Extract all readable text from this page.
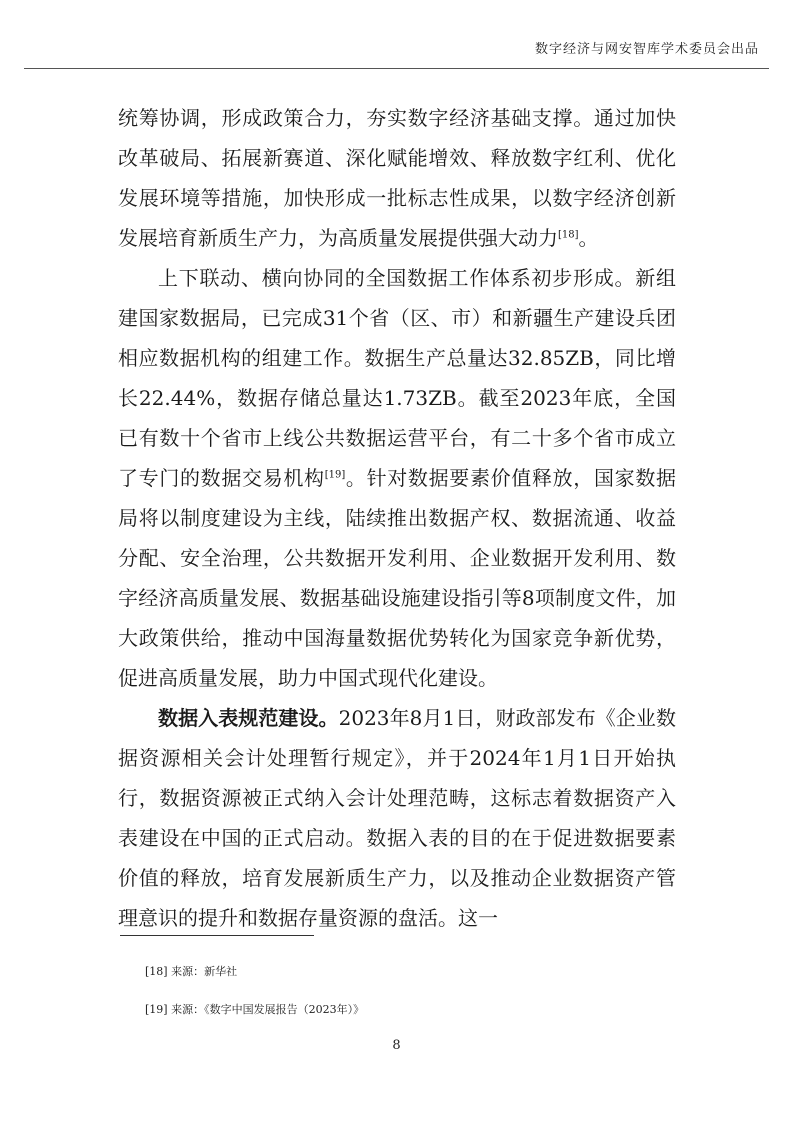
数字经济与网安智库学术委员会出品

统筹协调，形成政策合力，夯实数字经济基础支撑。通过加快改革破局、拓展新赛道、深化赋能增效、释放数字红利、优化发展环境等措施，加快形成一批标志性成果，以数字经济创新发展培育新质生产力，为高质量发展提供强大动力[18]。

上下联动、横向协同的全国数据工作体系初步形成。新组建国家数据局，已完成31个省（区、市）和新疆生产建设兵团相应数据机构的组建工作。数据生产总量达32.85ZB，同比增长22.44%，数据存储总量达1.73ZB。截至2023年底，全国已有数十个省市上线公共数据运营平台，有二十多个省市成立了专门的数据交易机构[19]。针对数据要素价值释放，国家数据局将以制度建设为主线，陆续推出数据产权、数据流通、收益分配、安全治理，公共数据开发利用、企业数据开发利用、数字经济高质量发展、数据基础设施建设指引等8项制度文件，加大政策供给，推动中国海量数据优势转化为国家竞争新优势，促进高质量发展，助力中国式现代化建设。

数据入表规范建设。2023年8月1日，财政部发布《企业数据资源相关会计处理暂行规定》，并于2024年1月1日开始执行，数据资源被正式纳入会计处理范畴，这标志着数据资产入表建设在中国的正式启动。数据入表的目的在于促进数据要素价值的释放，培育发展新质生产力，以及推动企业数据资产管理意识的提升和数据存量资源的盘活。这一

[18] 来源：新华社
[19] 来源：《数字中国发展报告（2023年）》
8
